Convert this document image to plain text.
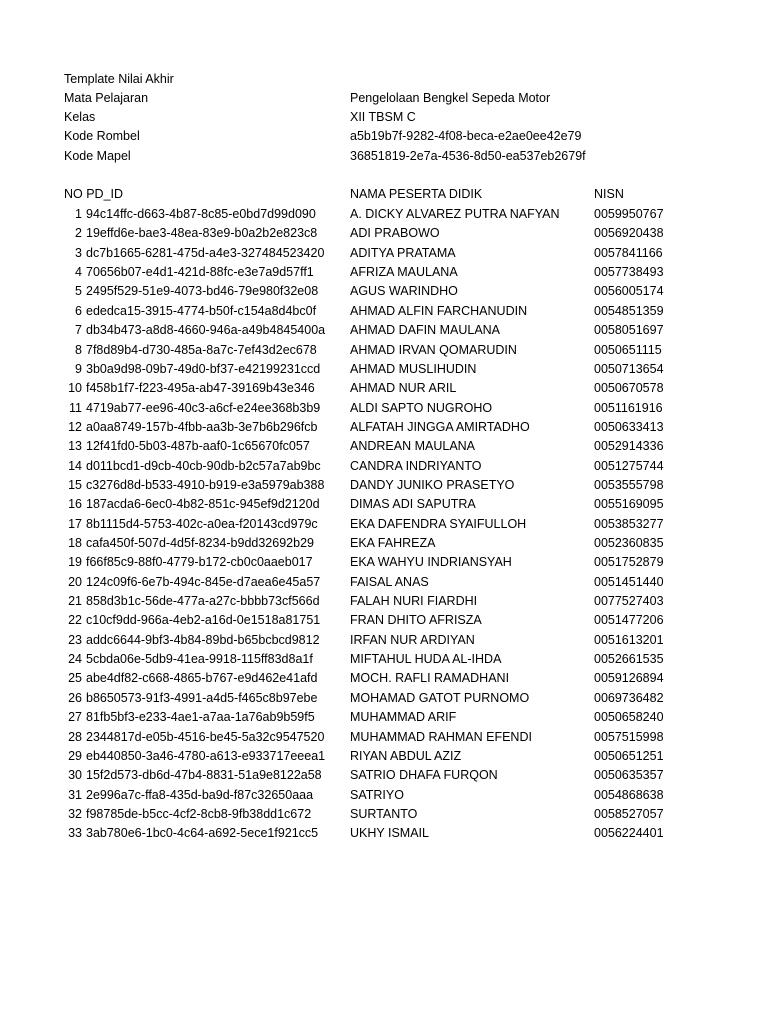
Template Nilai Akhir
Mata Pelajaran	Pengelolaan Bengkel Sepeda Motor
Kelas	XII TBSM C
Kode Rombel	a5b19b7f-9282-4f08-beca-e2ae0ee42e79
Kode Mapel	36851819-2e7a-4536-8d50-ea537eb2679f
NO PD_ID	NAMA PESERTA DIDIK	NISN
1 94c14ffc-d663-4b87-8c85-e0bd7d99d090	A. DICKY ALVAREZ PUTRA NAFYAN	0059950767
2 19effd6e-bae3-48ea-83e9-b0a2b2e823c8	ADI PRABOWO	0056920438
3 dc7b1665-6281-475d-a4e3-327484523420 ADITYA PRATAMA	0057841166
4 70656b07-e4d1-421d-88fc-e3e7a9d57ff1	AFRIZA MAULANA	0057738493
5 2495f529-51e9-4073-bd46-79e980f32e08	AGUS WARINDHO	0056005174
6 ededca15-3915-4774-b50f-c154a8d4bc0f	AHMAD ALFIN FARCHANUDIN	0054851359
7 db34b473-a8d8-4660-946a-a49b4845400a AHMAD DAFIN MAULANA	0058051697
8 7f8d89b4-d730-485a-8a7c-7ef43d2ec678	AHMAD IRVAN QOMARUDIN	0050651115
9 3b0a9d98-09b7-49d0-bf37-e42199231ccd AHMAD MUSLIHUDIN	0050713654
10 f458b1f7-f223-495a-ab47-39169b43e346	AHMAD NUR ARIL	0050670578
11 4719ab77-ee96-40c3-a6cf-e24ee368b3b9 ALDI SAPTO NUGROHO	0051161916
12 a0aa8749-157b-4fbb-aa3b-3e7b6b296fcb	ALFATAH JINGGA AMIRTADHO	0050633413
13 12f41fd0-5b03-487b-aaf0-1c65670fc057	ANDREAN MAULANA	0052914336
14 d011bcd1-d9cb-40cb-90db-b2c57a7ab9bc CANDRA INDRIYANTO	0051275744
15 c3276d8d-b533-4910-b919-e3a5979ab388 DANDY JUNIKO PRASETYO	0053555798
16 187acda6-6ec0-4b82-851c-945ef9d2120d DIMAS ADI SAPUTRA	0055169095
17 8b1115d4-5753-402c-a0ea-f20143cd979c	EKA DAFENDRA SYAIFULLOH	0053853277
18 cafa450f-507d-4d5f-8234-b9dd32692b29	EKA FAHREZA	0052360835
19 f66f85c9-88f0-4779-b172-cb0c0aaeb017	EKA WAHYU INDRIANSYAH	0051752879
20 124c09f6-6e7b-494c-845e-d7aea6e45a57 FAISAL ANAS	0051451440
21 858d3b1c-56de-477a-a27c-bbbb73cf566d FALAH NURI FIARDHI	0077527403
22 c10cf9dd-966a-4eb2-a16d-0e1518a81751 FRAN DHITO AFRISZA	0051477206
23 addc6644-9bf3-4b84-89bd-b65bcbcd9812 IRFAN NUR ARDIYAN	0051613201
24 5cbda06e-5db9-41ea-9918-115ff83d8a1f	MIFTAHUL HUDA AL-IHDA	0052661535
25 abe4df82-c668-4865-b767-e9d462e41afd	MOCH. RAFLI RAMADHANI	0059126894
26 b8650573-91f3-4991-a4d5-f465c8b97ebe	MOHAMAD GATOT PURNOMO	0069736482
27 81fb5bf3-e233-4ae1-a7aa-1a76ab9b59f5	MUHAMMAD ARIF	0050658240
28 2344817d-e05b-4516-be45-5a32c9547520 MUHAMMAD RAHMAN EFENDI	0057515998
29 eb440850-3a46-4780-a613-e933717eeea1 RIYAN ABDUL AZIZ	0050651251
30 15f2d573-db6d-47b4-8831-51a9e8122a58 SATRIO DHAFA FURQON	0050635357
31 2e996a7c-ffa8-435d-ba9d-f87c32650aaa	SATRIYO	0054868638
32 f98785de-b5cc-4cf2-8cb8-9fb38dd1c672	SURTANTO	0058527057
33 3ab780e6-1bc0-4c64-a692-5ece1f921cc5	UKHY ISMAIL	0056224401
